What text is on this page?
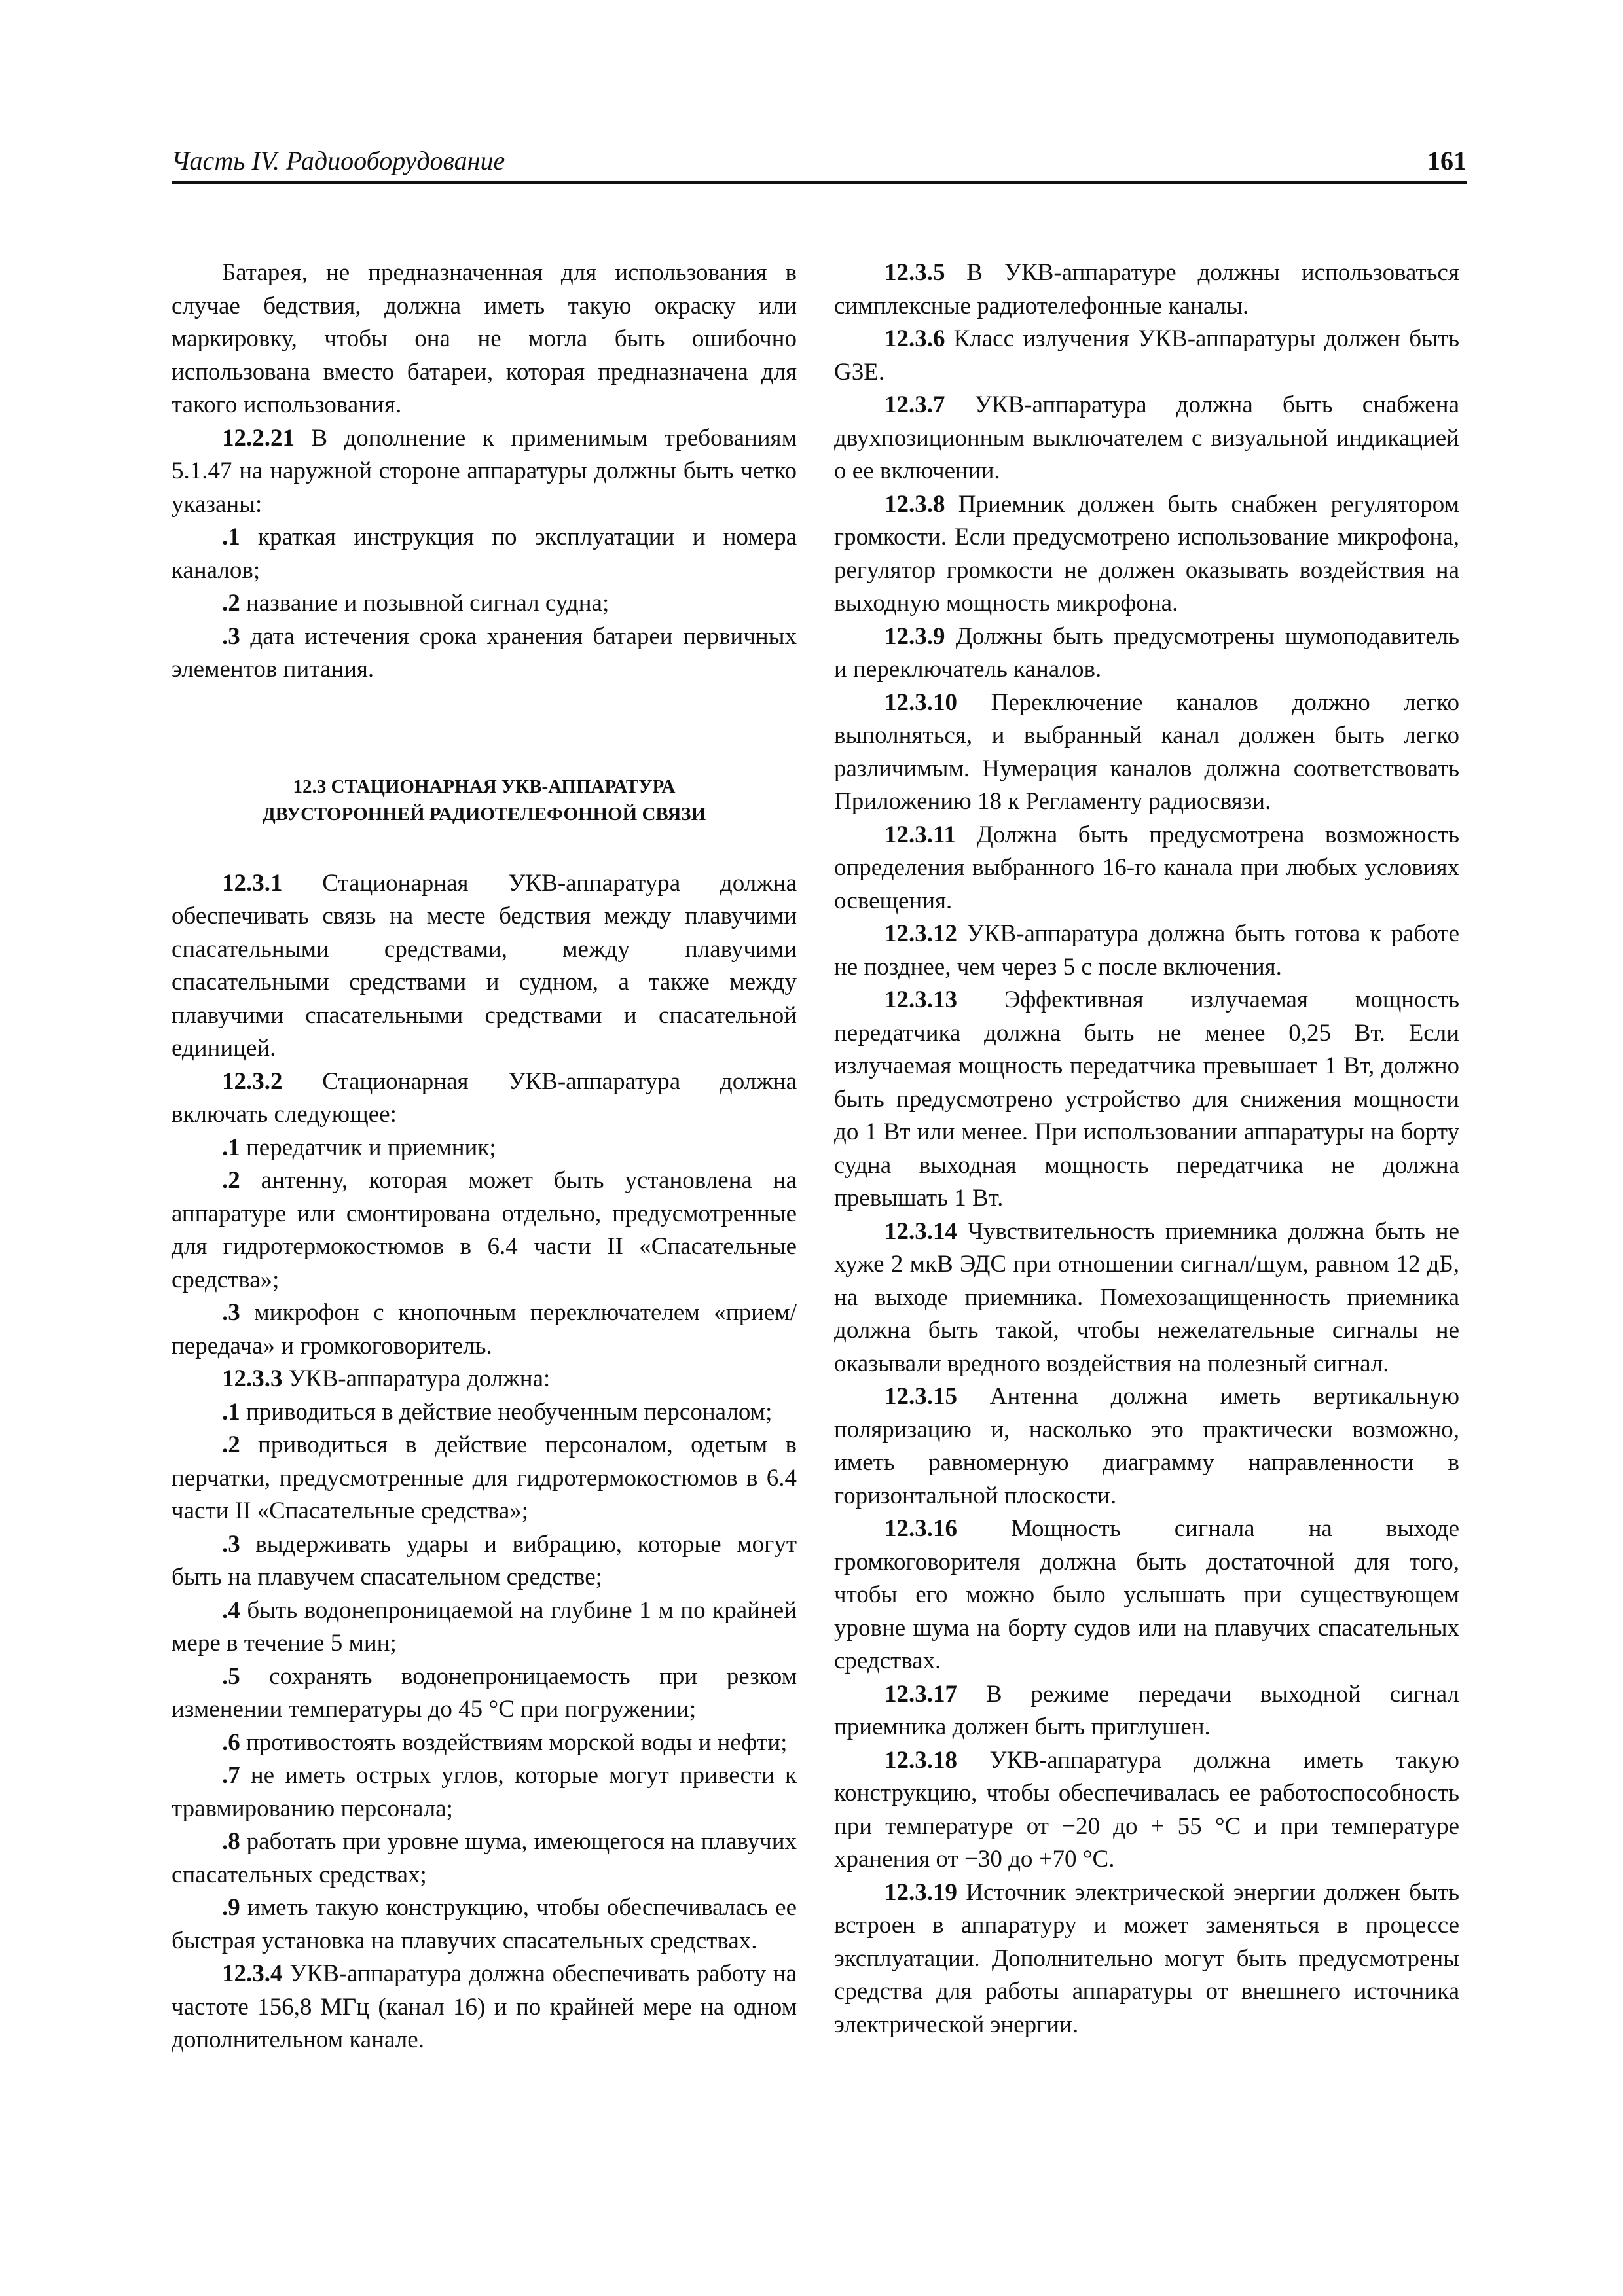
Часть IV. Радиооборудование	161

Батарея, не предназначенная для использования в случае бедствия, должна иметь такую окраску или маркировку, чтобы она не могла быть ошибочно использована вместо батареи, которая предназначена для такого использования.

12.2.21 В дополнение к применимым требованиям 5.1.47 на наружной стороне аппаратуры должны быть четко указаны:

.1 краткая инструкция по эксплуатации и номера каналов;

.2 название и позывной сигнал судна;

.3 дата истечения срока хранения батареи первичных элементов питания.

12.3 СТАЦИОНАРНАЯ УКВ-АППАРАТУРА
ДВУСТОРОННЕЙ РАДИОТЕЛЕФОННОЙ СВЯЗИ

12.3.1 Стационарная УКВ-аппаратура должна обеспечивать связь на месте бедствия между плавучими спасательными средствами, между плавучими спасательными средствами и судном, а также между плавучими спасательными средствами и спасательной единицей.

12.3.2 Стационарная УКВ-аппаратура должна включать следующее:

.1 передатчик и приемник;

.2 антенну, которая может быть установлена на аппаратуре или смонтирована отдельно, предусмотренные для гидротермокостюмов в 6.4 части II «Спасательные средства»;

.3 микрофон с кнопочным переключателем «прием/передача» и громкоговоритель.

12.3.3 УКВ-аппаратура должна:

.1 приводиться в действие необученным персоналом;

.2 приводиться в действие персоналом, одетым в перчатки, предусмотренные для гидротермокостюмов в 6.4 части II «Спасательные средства»;

.3 выдерживать удары и вибрацию, которые могут быть на плавучем спасательном средстве;

.4 быть водонепроницаемой на глубине 1 м по крайней мере в течение 5 мин;

.5 сохранять водонепроницаемость при резком изменении температуры до 45 °С при погружении;

.6 противостоять воздействиям морской воды и нефти;

.7 не иметь острых углов, которые могут привести к травмированию персонала;

.8 работать при уровне шума, имеющегося на плавучих спасательных средствах;

.9 иметь такую конструкцию, чтобы обеспечивалась ее быстрая установка на плавучих спасательных средствах.

12.3.4 УКВ-аппаратура должна обеспечивать работу на частоте 156,8 МГц (канал 16) и по крайней мере на одном дополнительном канале.

12.3.5 В УКВ-аппаратуре должны использоваться симплексные радиотелефонные каналы.

12.3.6 Класс излучения УКВ-аппаратуры должен быть G3E.

12.3.7 УКВ-аппаратура должна быть снабжена двухпозиционным выключателем с визуальной индикацией о ее включении.

12.3.8 Приемник должен быть снабжен регулятором громкости. Если предусмотрено использование микрофона, регулятор громкости не должен оказывать воздействия на выходную мощность микрофона.

12.3.9 Должны быть предусмотрены шумоподавитель и переключатель каналов.

12.3.10 Переключение каналов должно легко выполняться, и выбранный канал должен быть легко различимым. Нумерация каналов должна соответствовать Приложению 18 к Регламенту радиосвязи.

12.3.11 Должна быть предусмотрена возможность определения выбранного 16-го канала при любых условиях освещения.

12.3.12 УКВ-аппаратура должна быть готова к работе не позднее, чем через 5 с после включения.

12.3.13 Эффективная излучаемая мощность передатчика должна быть не менее 0,25 Вт. Если излучаемая мощность передатчика превышает 1 Вт, должно быть предусмотрено устройство для снижения мощности до 1 Вт или менее. При использовании аппаратуры на борту судна выходная мощность передатчика не должна превышать 1 Вт.

12.3.14 Чувствительность приемника должна быть не хуже 2 мкВ ЭДС при отношении сигнал/шум, равном 12 дБ, на выходе приемника. Помехозащищенность приемника должна быть такой, чтобы нежелательные сигналы не оказывали вредного воздействия на полезный сигнал.

12.3.15 Антенна должна иметь вертикальную поляризацию и, насколько это практически возможно, иметь равномерную диаграмму направленности в горизонтальной плоскости.

12.3.16 Мощность сигнала на выходе громкоговорителя должна быть достаточной для того, чтобы его можно было услышать при существующем уровне шума на борту судов или на плавучих спасательных средствах.

12.3.17 В режиме передачи выходной сигнал приемника должен быть приглушен.

12.3.18 УКВ-аппаратура должна иметь такую конструкцию, чтобы обеспечивалась ее работоспособность при температуре от −20 до + 55 °С и при температуре хранения от −30 до +70 °С.

12.3.19 Источник электрической энергии должен быть встроен в аппаратуру и может заменяться в процессе эксплуатации. Дополнительно могут быть предусмотрены средства для работы аппаратуры от внешнего источника электрической энергии.
